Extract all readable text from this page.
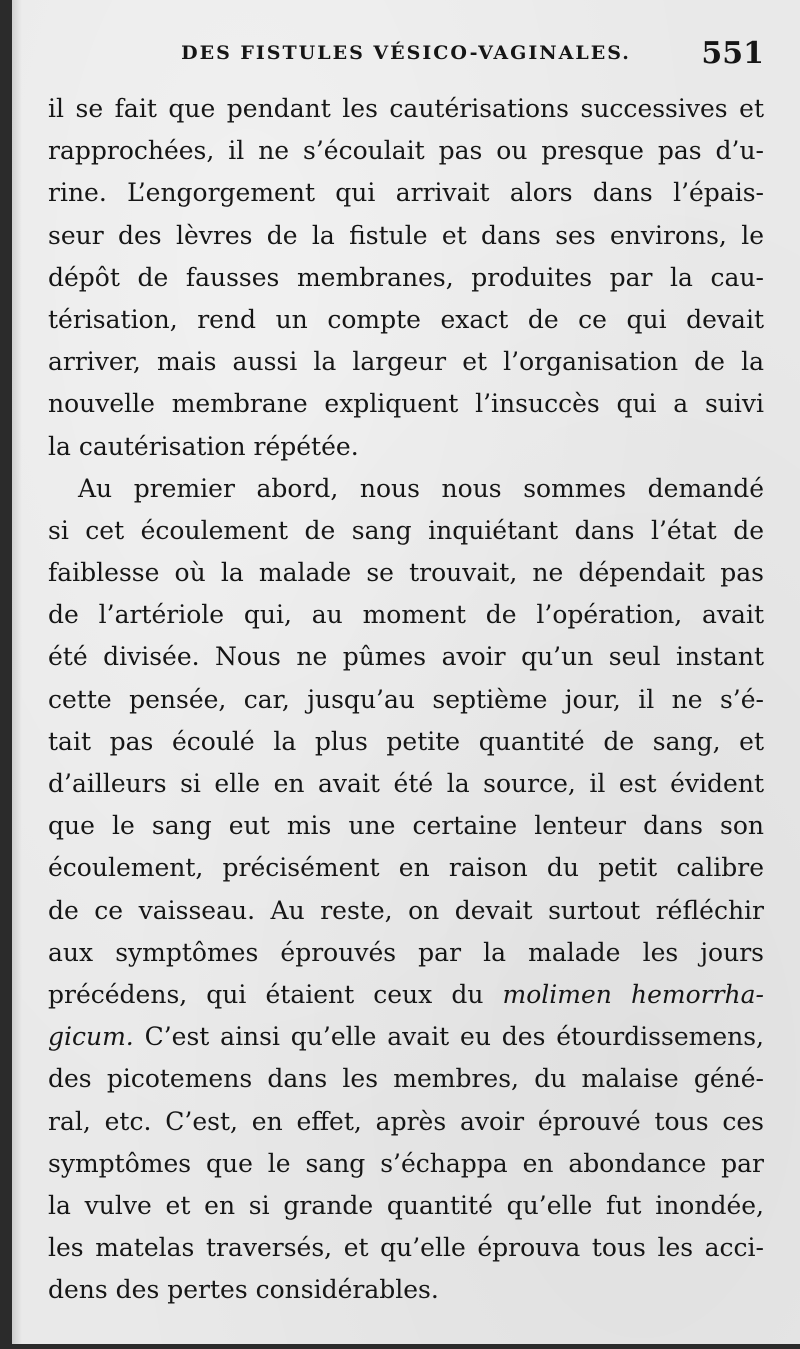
DES FISTULES VÉSICO-VAGINALES.	551
il se fait que pendant les cautérisations successives et
rapprochées, il ne s’écoulait pas ou presque pas d’u-
rine. L’engorgement qui arrivait alors dans l’épais-
seur des lèvres de la fistule et dans ses environs, le
dépôt de fausses membranes, produites par la cau-
térisation, rend un compte exact de ce qui devait
arriver, mais aussi la largeur et l’organisation de la
nouvelle membrane expliquent l’insuccès qui a suivi
la cautérisation répétée.
Au premier abord, nous nous sommes demandé
si cet écoulement de sang inquiétant dans l’état de
faiblesse où la malade se trouvait, ne dépendait pas
de l’artériole qui, au moment de l’opération, avait
été divisée. Nous ne pûmes avoir qu’un seul instant
cette pensée, car, jusqu’au septième jour, il ne s’é-
tait pas écoulé la plus petite quantité de sang, et
d’ailleurs si elle en avait été la source, il est évident
que le sang eut mis une certaine lenteur dans son
écoulement, précisément en raison du petit calibre
de ce vaisseau. Au reste, on devait surtout réfléchir
aux symptômes éprouvés par la malade les jours
précédens, qui étaient ceux du molimen hemorrha-
gicum. C’est ainsi qu’elle avait eu des étourdissemens,
des picotemens dans les membres, du malaise géné-
ral, etc. C’est, en effet, après avoir éprouvé tous ces
symptômes que le sang s’échappa en abondance par
la vulve et en si grande quantité qu’elle fut inondée,
les matelas traversés, et qu’elle éprouva tous les acci-
dens des pertes considérables.
